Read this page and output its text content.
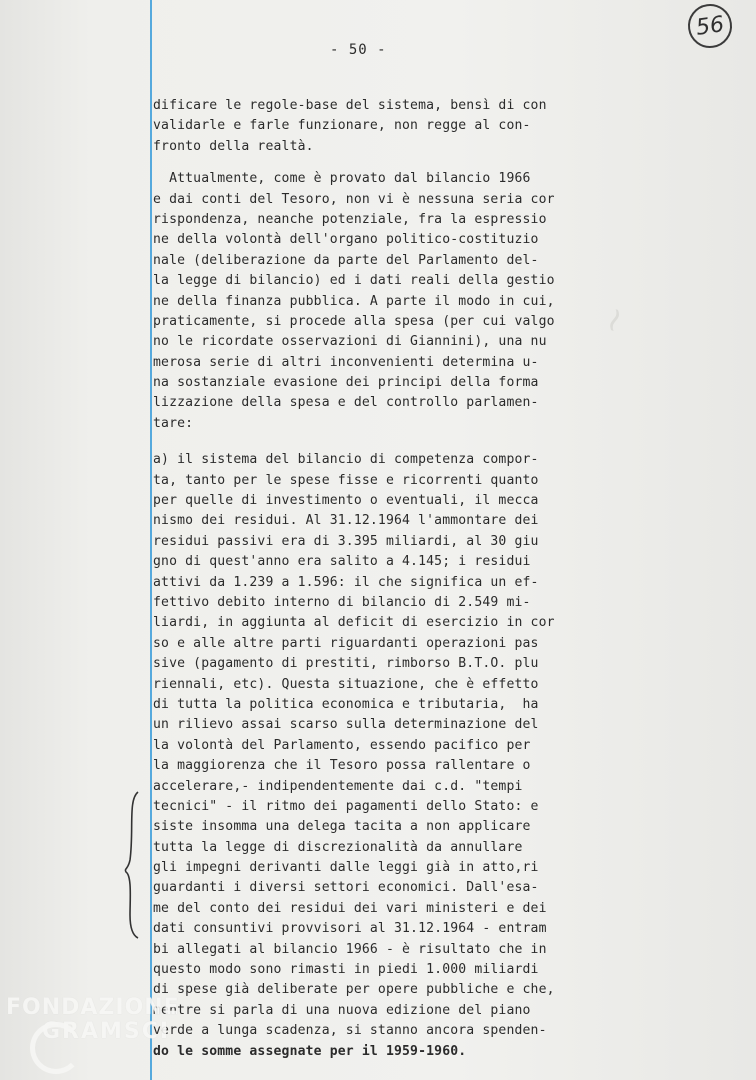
~
- 50 -
56
dificare le regole-base del sistema, bensì di con
validarle e farle funzionare, non regge al con-
fronto della realtà.
Attualmente, come è provato dal bilancio 1966
e dai conti del Tesoro, non vi è nessuna seria cor
rispondenza, neanche potenziale, fra la espressio
ne della volontà dell'organo politico-costituzio
nale (deliberazione da parte del Parlamento del-
la legge di bilancio) ed i dati reali della gestio
ne della finanza pubblica. A parte il modo in cui,
praticamente, si procede alla spesa (per cui valgo
no le ricordate osservazioni di Giannini), una nu
merosa serie di altri inconvenienti determina u-
na sostanziale evasione dei principi della forma
lizzazione della spesa e del controllo parlamen-
tare:
a) il sistema del bilancio di competenza compor-
ta, tanto per le spese fisse e ricorrenti quanto
per quelle di investimento o eventuali, il mecca
nismo dei residui. Al 31.12.1964 l'ammontare dei
residui passivi era di 3.395 miliardi, al 30 giu
gno di quest'anno era salito a 4.145; i residui
attivi da 1.239 a 1.596: il che significa un ef-
fettivo debito interno di bilancio di 2.549 mi-
liardi, in aggiunta al deficit di esercizio in cor
so e alle altre parti riguardanti operazioni pas
sive (pagamento di prestiti, rimborso B.T.O. plu
riennali, etc). Questa situazione, che è effetto
di tutta la politica economica e tributaria,  ha
un rilievo assai scarso sulla determinazione del
la volontà del Parlamento, essendo pacifico per
la maggiorenza che il Tesoro possa rallentare o
accelerare,- indipendentemente dai c.d. "tempi
tecnici" - il ritmo dei pagamenti dello Stato: e
siste insomma una delega tacita a non applicare
tutta la legge di discrezionalità da annullare
gli impegni derivanti dalle leggi già in atto,ri
guardanti i diversi settori economici. Dall'esa-
me del conto dei residui dei vari ministeri e dei
dati consuntivi provvisori al 31.12.1964 - entram
bi allegati al bilancio 1966 - è risultato che in
questo modo sono rimasti in piedi 1.000 miliardi
di spese già deliberate per opere pubbliche e che,
mentre si parla di una nuova edizione del piano
verde a lunga scadenza, si stanno ancora spenden-
do le somme assegnate per il 1959-1960.
FONDAZIONE
GRAMSCI
